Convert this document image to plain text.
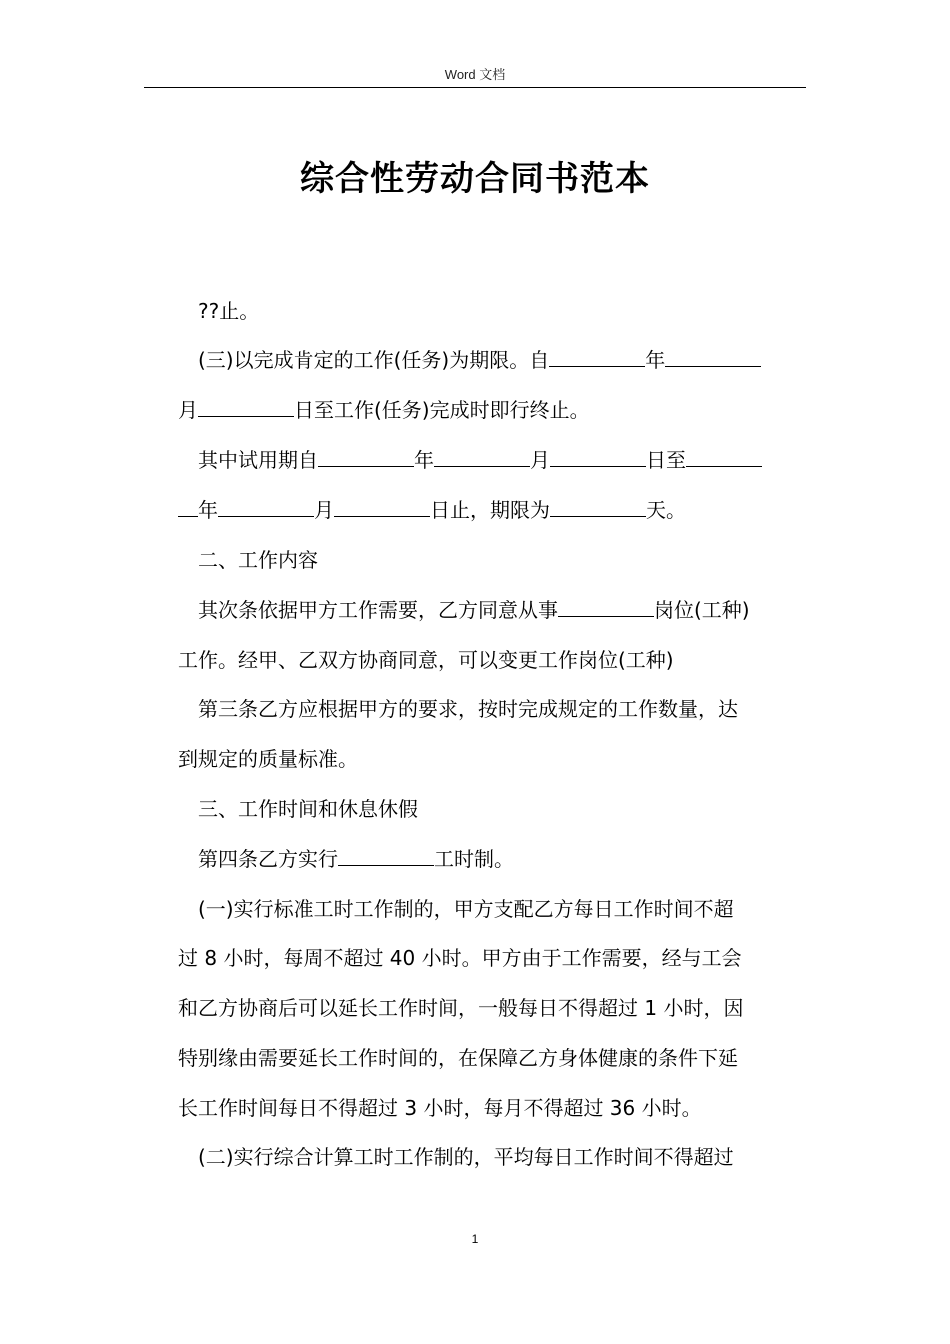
Word 文档
综合性劳动合同书范本
??止。
(三)以完成肯定的工作(任务)为期限。自	年
月	日至工作(任务)完成时即行终止。
其中试用期自	年	月	日至
年	月	日止，期限为	天。
二、工作内容
其次条依据甲方工作需要，乙方同意从事	岗位(工种)
工作。经甲、乙双方协商同意，可以变更工作岗位(工种)
第三条乙方应根据甲方的要求，按时完成规定的工作数量，达
到规定的质量标准。
三、工作时间和休息休假
第四条乙方实行	工时制。
(一)实行标准工时工作制的，甲方支配乙方每日工作时间不超
过 8 小时，每周不超过 40 小时。甲方由于工作需要，经与工会
和乙方协商后可以延长工作时间，一般每日不得超过 1 小时，因
特别缘由需要延长工作时间的，在保障乙方身体健康的条件下延
长工作时间每日不得超过 3 小时，每月不得超过 36 小时。
(二)实行综合计算工时工作制的，平均每日工作时间不得超过
1
